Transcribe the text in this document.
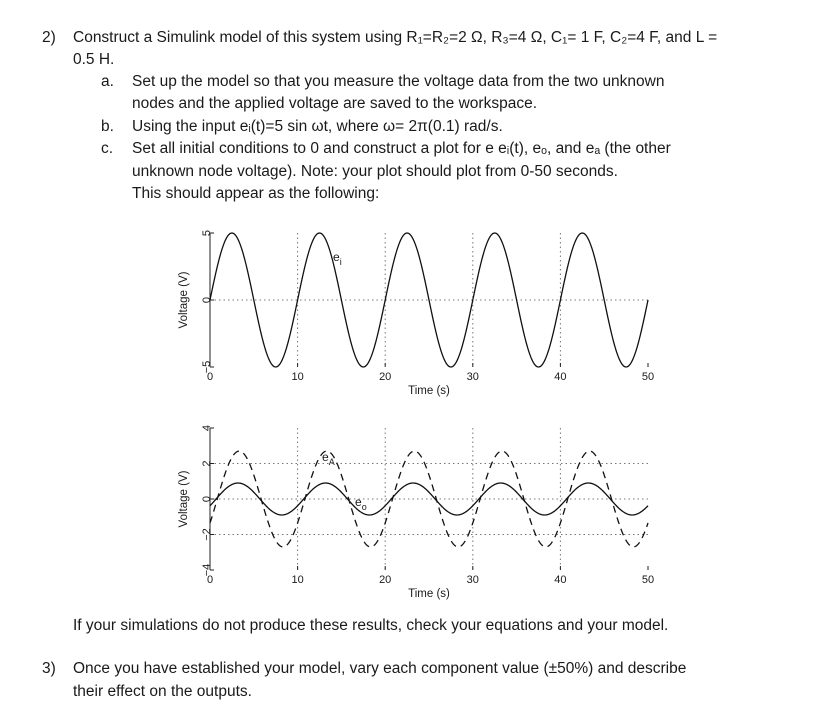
2) Construct a Simulink model of this system using R₁=R₂=2 Ω, R₃=4 Ω, C₁= 1 F, C₂=4 F, and L =
0.5 H.
a. Set up the model so that you measure the voltage data from the two unknown
nodes and the applied voltage are saved to the workspace.
b. Using the input eᵢ(t)=5 sin ωt, where ω= 2π(0.1) rad/s.
c. Set all initial conditions to 0 and construct a plot for e eᵢ(t), eₒ, and eₐ (the other
unknown node voltage). Note: your plot should plot from 0-50 seconds.
This should appear as the following:
0	10	20	30	40	50
5
0
−5
Time (s)
Voltage (V)
$e_i$
0	10	20	30	40	50
4
2
0
−2
−4
Time (s)
Voltage (V)
$e_A$
$e_o$
If your simulations do not produce these results, check your equations and your model.
3) Once you have established your model, vary each component value (±50%) and describe
their effect on the outputs.
